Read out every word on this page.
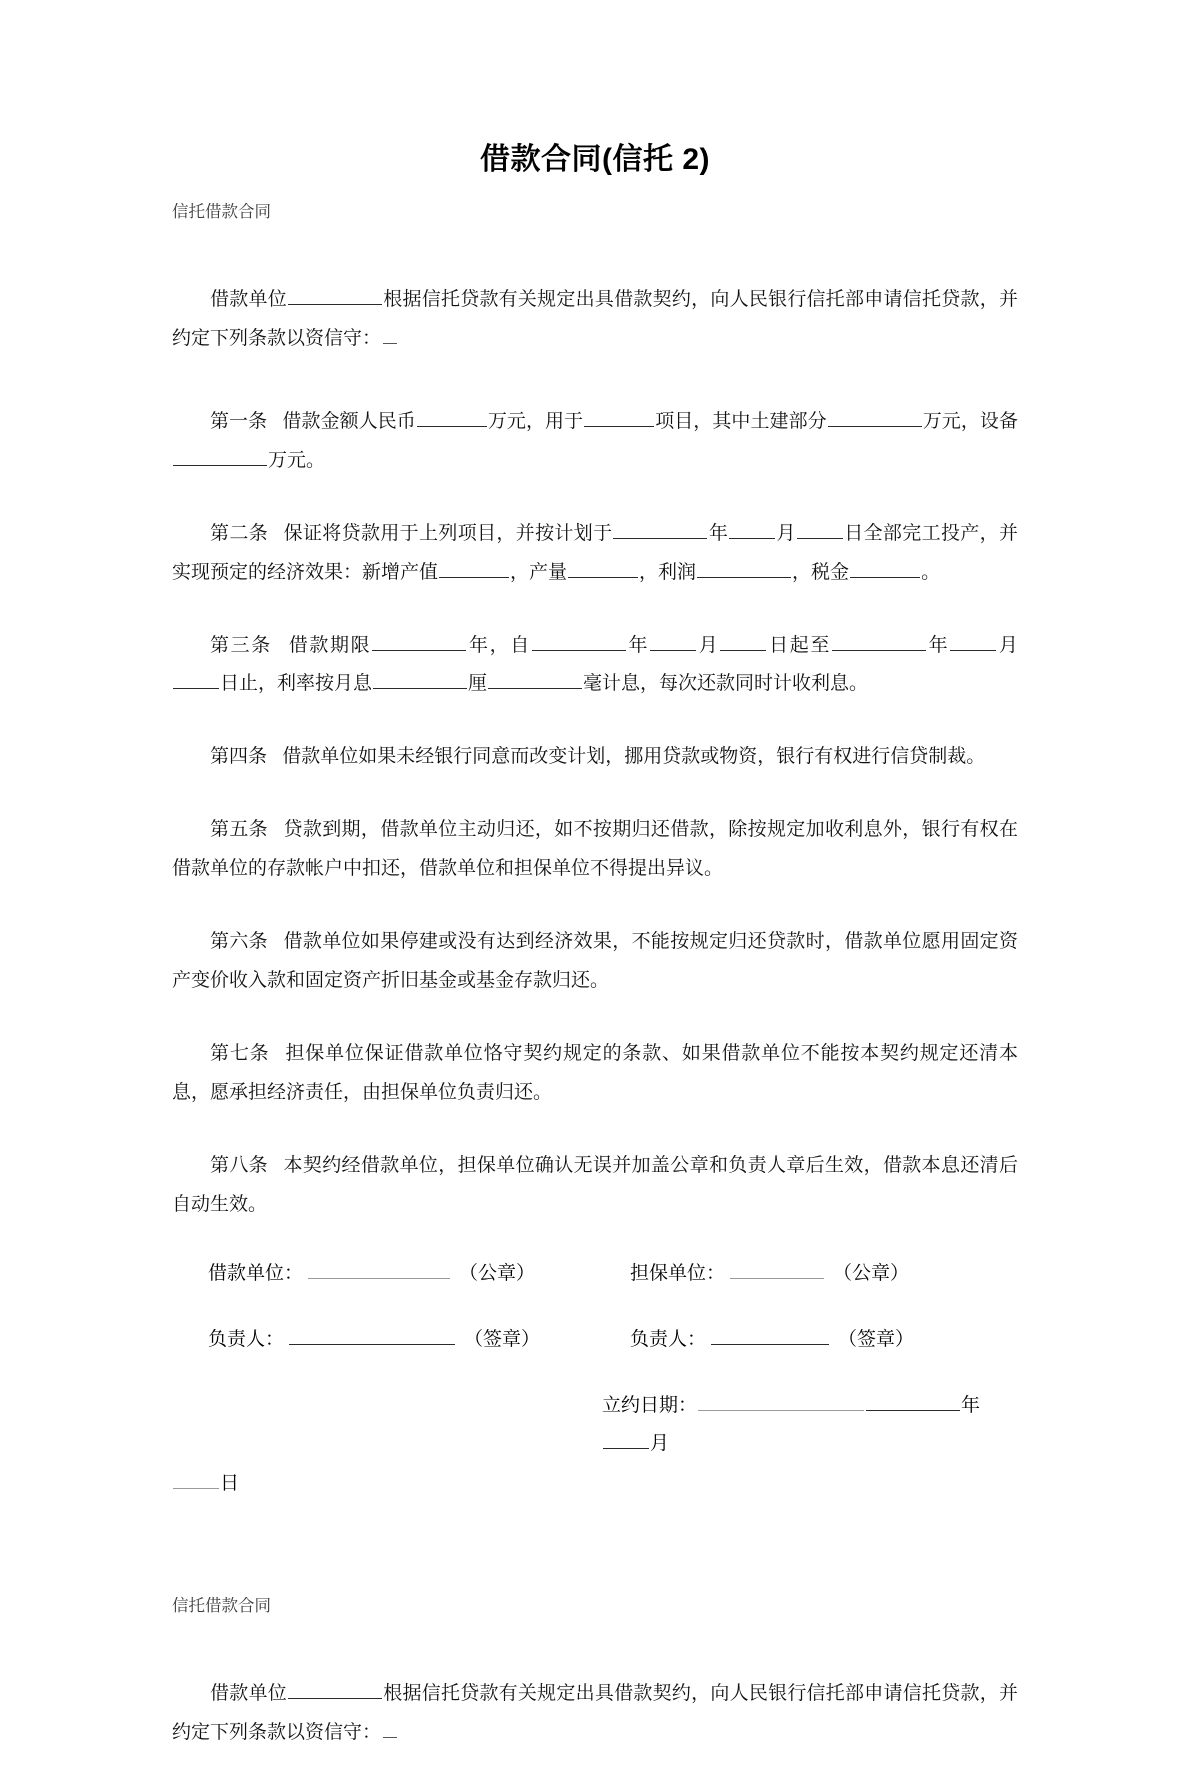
借款合同(信托 2)
信托借款合同

借款单位	根据信托贷款有关规定出具借款契约，向人民银行信托部申请信托贷款，并约定下列条款以资信守：

第一条 借款金额人民币	万元，用于	项目，其中土建部分	万元，设备万元。

第二条 保证将贷款用于上列项目，并按计划于	年	月	日全部完工投产，并实现预定的经济效果：新增产值	，产量	，利润	，税金	。

第三条 借款期限	年，自	年	月	日起至	年	月日止，利率按月息	厘	毫计息，每次还款同时计收利息。

第四条 借款单位如果未经银行同意而改变计划，挪用贷款或物资，银行有权进行信贷制裁。

第五条 贷款到期，借款单位主动归还，如不按期归还借款，除按规定加收利息外，银行有权在借款单位的存款帐户中扣还，借款单位和担保单位不得提出异议。

第六条 借款单位如果停建或没有达到经济效果，不能按规定归还贷款时，借款单位愿用固定资产变价收入款和固定资产折旧基金或基金存款归还。

第七条 担保单位保证借款单位恪守契约规定的条款、如果借款单位不能按本契约规定还清本息，愿承担经济责任，由担保单位负责归还。

第八条 本契约经借款单位，担保单位确认无误并加盖公章和负责人章后生效，借款本息还清后自动生效。

借款单位：	（公章）	担保单位：	（公章）
负责人：	（签章）	负责人：	（签章）
立约日期：	年月
日
信托借款合同

借款单位	根据信托贷款有关规定出具借款契约，向人民银行信托部申请信托贷款，并约定下列条款以资信守：
